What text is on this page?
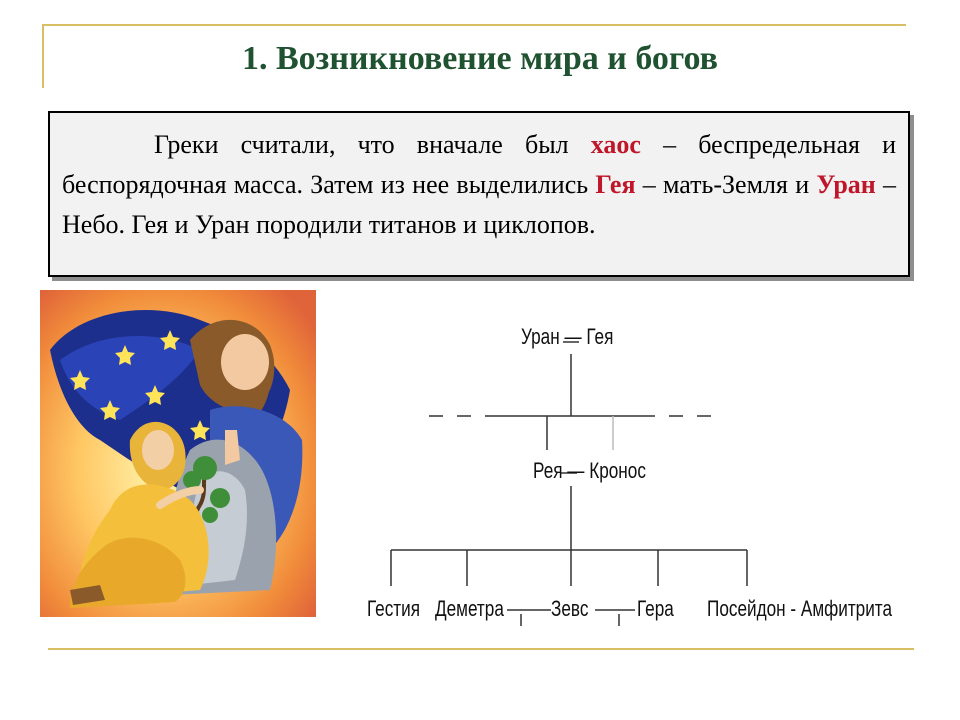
1. Возникновение мира и богов

Греки считали, что вначале был хаос – беспредельная и беспорядочная масса. Затем из нее выделились Гея – мать-Земля и Уран – Небо. Гея и Уран породили титанов и циклопов.

Уран — Гея
Рея — Кронос
Гестия Деметра Зевс Гера Посейдон - Амфитрита
